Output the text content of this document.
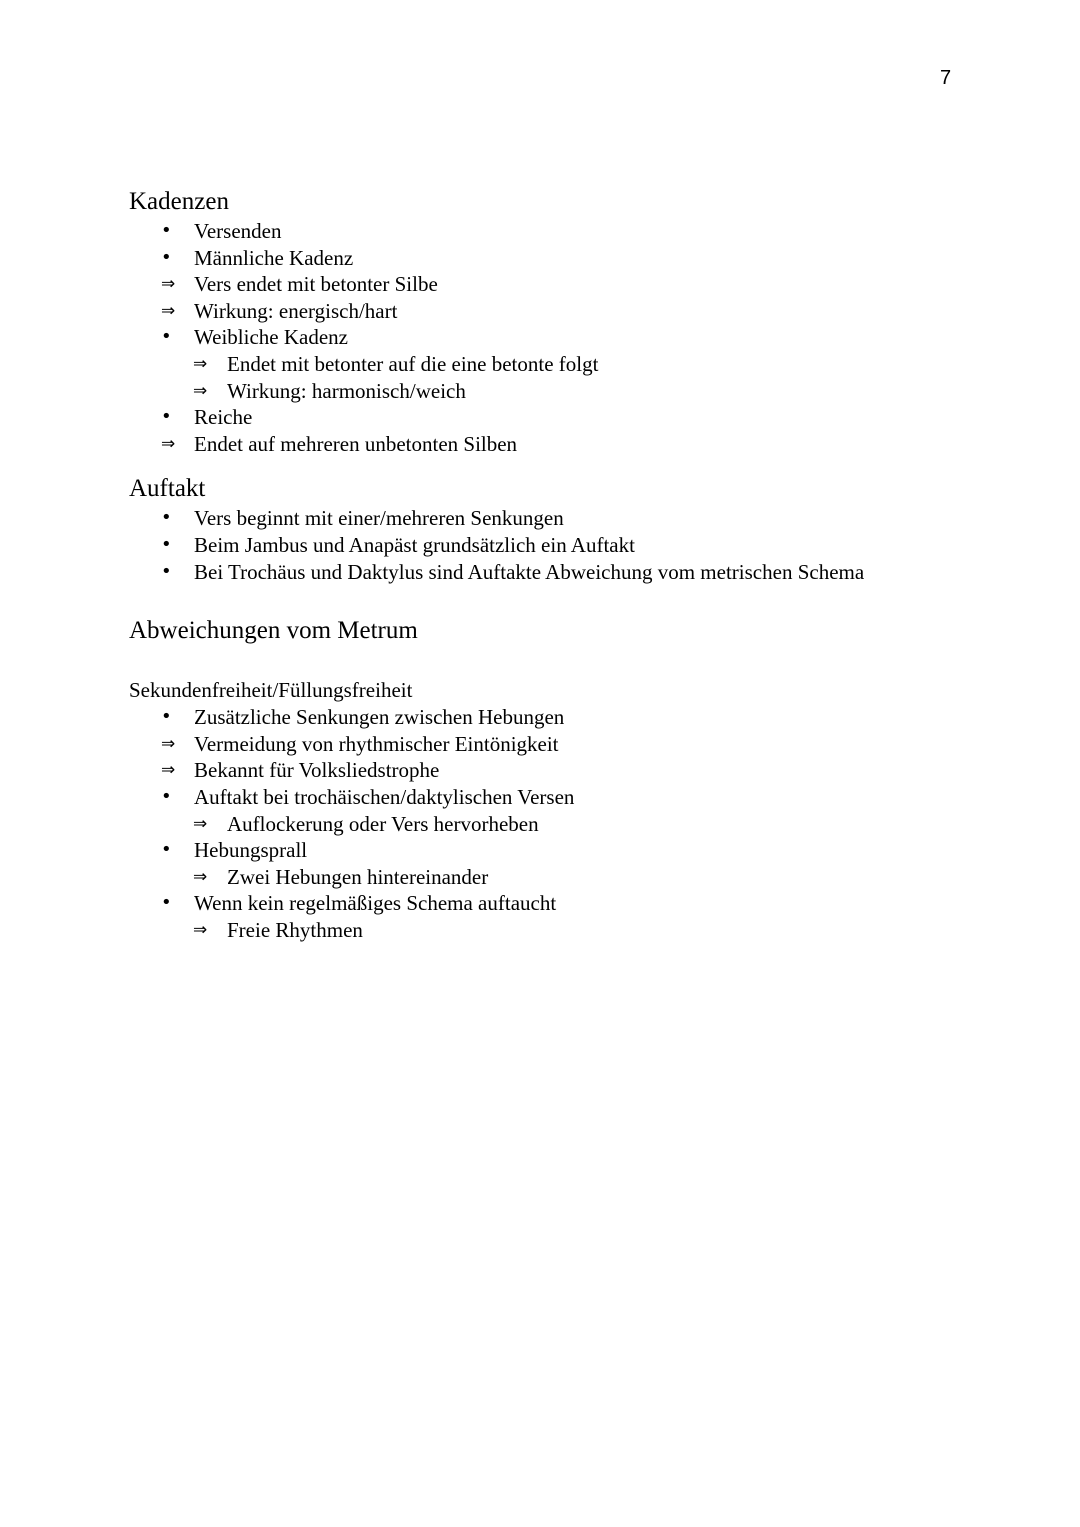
7
Kadenzen
•	Versenden
•	Männliche Kadenz
⇒ Vers endet mit betonter Silbe
⇒ Wirkung: energisch/hart
•	Weibliche Kadenz
⇒ Endet mit betonter auf die eine betonte folgt
⇒ Wirkung: harmonisch/weich
•	Reiche
⇒ Endet auf mehreren unbetonten Silben
Auftakt
•	Vers beginnt mit einer/mehreren Senkungen
•	Beim Jambus und Anapäst grundsätzlich ein Auftakt
•	Bei Trochäus und Daktylus sind Auftakte Abweichung vom metrischen Schema
Abweichungen vom Metrum
Sekundenfreiheit/Füllungsfreiheit
•	Zusätzliche Senkungen zwischen Hebungen
⇒ Vermeidung von rhythmischer Eintönigkeit
⇒ Bekannt für Volksliedstrophe
•	Auftakt bei trochäischen/daktylischen Versen
⇒ Auflockerung oder Vers hervorheben
•	Hebungsprall
⇒ Zwei Hebungen hintereinander
•	Wenn kein regelmäßiges Schema auftaucht
⇒ Freie Rhythmen
